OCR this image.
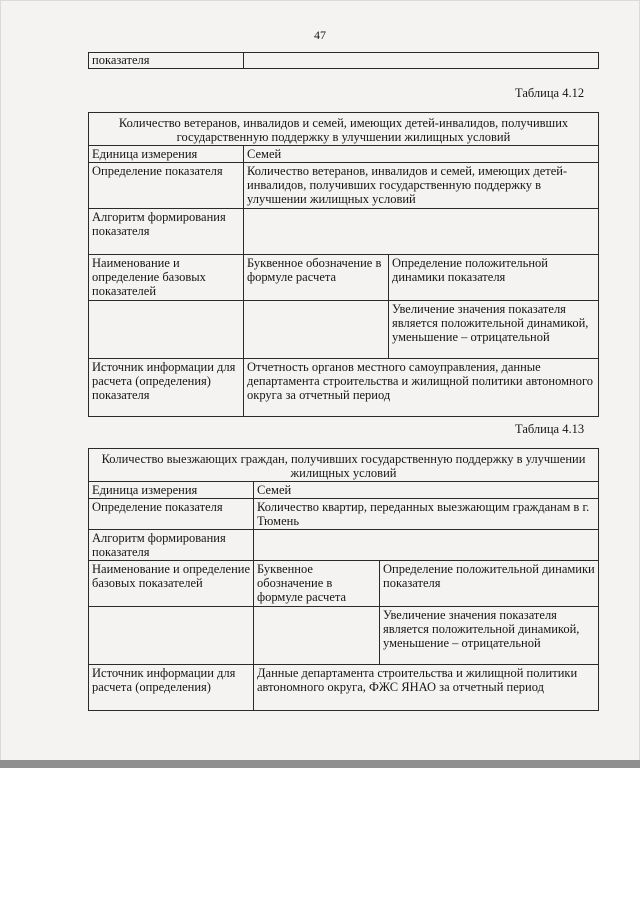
47
показателя	
Таблица 4.12
Количество ветеранов, инвалидов и семей, имеющих детей-инвалидов, получивших государственную поддержку в улучшении жилищных условий		
Единица измерения	Семей	
Определение показателя	Количество ветеранов, инвалидов и семей, имеющих детей-инвалидов, получивших государственную поддержку в улучшении жилищных условий	
Алгоритм формирования показателя		
Наименование и определение базовых показателей	Буквенное обозначение в формуле расчета	Определение положительной динамики показателя
		Увеличение значения показателя является положительной динамикой, уменьшение – отрицательной
Источник информации для расчета (определения) показателя	Отчетность органов местного самоуправления, данные департамента строительства и жилищной политики автономного округа за отчетный период	
Таблица 4.13
Количество выезжающих граждан, получивших государственную поддержку в улучшении жилищных условий		
Единица измерения	Семей	
Определение показателя	Количество квартир, переданных выезжающим гражданам в г. Тюмень	
Алгоритм формирования показателя		
Наименование и определение базовых показателей	Буквенное обозначение в формуле расчета	Определение положительной динамики показателя
		Увеличение значения показателя является положительной динамикой, уменьшение – отрицательной
Источник информации для расчета (определения)	Данные департамента строительства и жилищной политики автономного округа, ФЖС ЯНАО за отчетный период	
